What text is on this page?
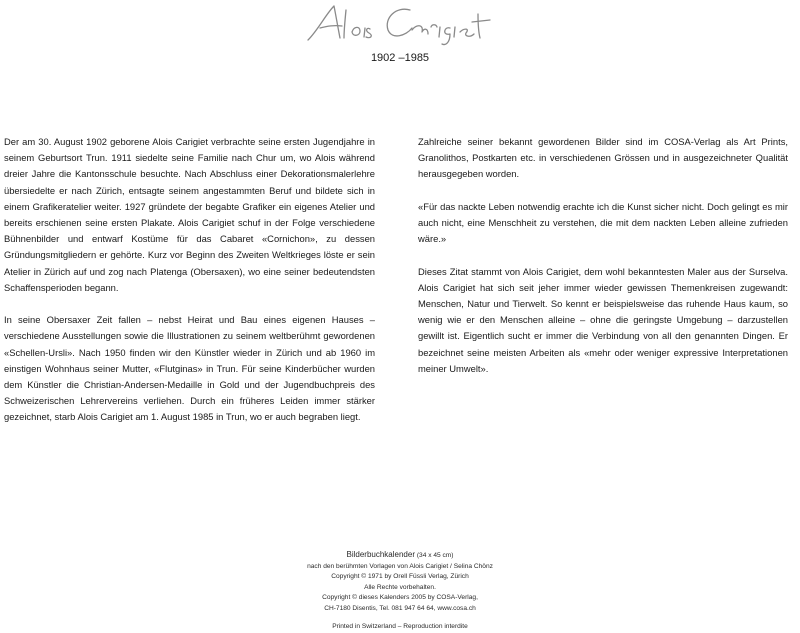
1902 –1985

Der am 30. August 1902 geborene Alois Carigiet verbrachte seine ersten Jugendjahre in seinem Geburtsort Trun. 1911 siedelte seine Familie nach Chur um, wo Alois während dreier Jahre die Kantonsschule besuchte. Nach Abschluss einer Dekorationsmalerlehre übersiedelte er nach Zürich, entsagte seinem angestammten Beruf und bildete sich in einem Grafikeratelier weiter. 1927 gründete der begabte Grafiker ein eigenes Atelier und bereits erschienen seine ersten Plakate. Alois Carigiet schuf in der Folge verschiedene Bühnenbilder und entwarf Kostüme für das Cabaret «Cornichon», zu dessen Gründungsmitgliedern er gehörte. Kurz vor Beginn des Zweiten Weltkrieges löste er sein Atelier in Zürich auf und zog nach Platenga (Obersaxen), wo eine seiner bedeutendsten Schaffensperioden begann.

In seine Obersaxer Zeit fallen – nebst Heirat und Bau eines eigenen Hauses – verschiedene Ausstellungen sowie die Illustrationen zu seinem weltberühmt gewordenen «Schellen-Ursli». Nach 1950 finden wir den Künstler wieder in Zürich und ab 1960 im einstigen Wohnhaus seiner Mutter, «Flutginas» in Trun. Für seine Kinderbücher wurden dem Künstler die Christian-Andersen-Medaille in Gold und der Jugendbuchpreis des Schweizerischen Lehrervereins verliehen. Durch ein früheres Leiden immer stärker gezeichnet, starb Alois Carigiet am 1. August 1985 in Trun, wo er auch begraben liegt.

Zahlreiche seiner bekannt gewordenen Bilder sind im COSA-Verlag als Art Prints, Granolithos, Postkarten etc. in verschiedenen Grössen und in ausgezeichneter Qualität herausgegeben worden.

«Für das nackte Leben notwendig erachte ich die Kunst sicher nicht. Doch gelingt es mir auch nicht, eine Menschheit zu verstehen, die mit dem nackten Leben alleine zufrieden wäre.»

Dieses Zitat stammt von Alois Carigiet, dem wohl bekanntesten Maler aus der Surselva. Alois Carigiet hat sich seit jeher immer wieder gewissen Themenkreisen zugewandt: Menschen, Natur und Tierwelt. So kennt er beispielsweise das ruhende Haus kaum, so wenig wie er den Menschen alleine – ohne die geringste Umgebung – darzustellen gewillt ist. Eigentlich sucht er immer die Verbindung von all den genannten Dingen. Er bezeichnet seine meisten Arbeiten als «mehr oder weniger expressive Interpretationen meiner Umwelt».

Bilderbuchkalender (34 x 45 cm)
nach den berühmten Vorlagen von Alois Carigiet / Selina Chönz
Copyright © 1971 by Orell Füssli Verlag, Zürich
Alle Rechte vorbehalten.
Copyright © dieses Kalenders 2005 by COSA-Verlag,
CH-7180 Disentis, Tel. 081 947 64 64, www.cosa.ch
Printed in Switzerland – Reproduction interdite
